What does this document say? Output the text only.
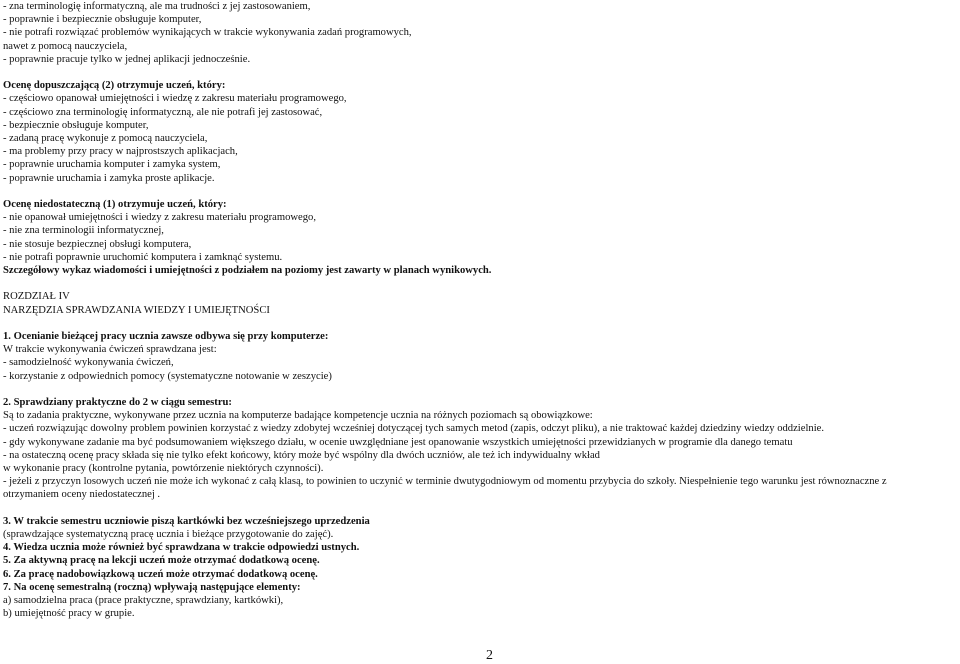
- zna terminologię informatyczną, ale ma trudności z jej zastosowaniem,
- poprawnie i bezpiecznie obsługuje komputer,
- nie potrafi rozwiązać problemów wynikających w trakcie wykonywania zadań programowych,
nawet z pomocą nauczyciela,
- poprawnie pracuje tylko w jednej aplikacji jednocześnie.
Ocenę dopuszczającą (2) otrzymuje uczeń, który:
- częściowo opanował umiejętności i wiedzę z zakresu materiału programowego,
- częściowo zna terminologię informatyczną, ale nie potrafi jej zastosować,
- bezpiecznie obsługuje komputer,
- zadaną pracę wykonuje z pomocą nauczyciela,
- ma problemy przy pracy w najprostszych aplikacjach,
- poprawnie uruchamia komputer i zamyka system,
- poprawnie uruchamia i zamyka proste aplikacje.
Ocenę niedostateczną (1) otrzymuje uczeń, który:
- nie opanował umiejętności i wiedzy z zakresu materiału programowego,
- nie zna terminologii informatycznej,
- nie stosuje bezpiecznej obsługi komputera,
- nie potrafi poprawnie uruchomić komputera i zamknąć systemu.
Szczegółowy wykaz wiadomości i umiejętności z podziałem na poziomy jest zawarty w planach wynikowych.
ROZDZIAŁ IV
NARZĘDZIA SPRAWDZANIA WIEDZY I UMIEJĘTNOŚCI
1. Ocenianie bieżącej pracy ucznia zawsze odbywa się przy komputerze:
W trakcie wykonywania ćwiczeń sprawdzana jest:
- samodzielność wykonywania ćwiczeń,
- korzystanie z odpowiednich pomocy (systematyczne notowanie w zeszycie)
2. Sprawdziany praktyczne do 2 w ciągu semestru:
Są to zadania praktyczne, wykonywane przez ucznia na komputerze badające kompetencje ucznia na różnych poziomach są obowiązkowe:
- uczeń rozwiązując dowolny problem powinien korzystać z wiedzy zdobytej wcześniej dotyczącej tych samych metod (zapis, odczyt pliku), a nie traktować każdej dziedziny wiedzy oddzielnie.
- gdy wykonywane zadanie ma być podsumowaniem większego działu, w ocenie uwzględniane jest opanowanie wszystkich umiejętności przewidzianych w programie dla danego tematu
- na ostateczną ocenę pracy składa się nie tylko efekt końcowy, który może być wspólny dla dwóch uczniów, ale też ich indywidualny wkład
w wykonanie pracy (kontrolne pytania, powtórzenie niektórych czynności).
- jeżeli z przyczyn losowych uczeń nie może ich wykonać z całą klasą, to powinien to uczynić w terminie dwutygodniowym od momentu przybycia do szkoły. Niespełnienie tego warunku jest równoznaczne z
otrzymaniem oceny niedostatecznej .
3. W trakcie semestru uczniowie piszą kartkówki bez wcześniejszego uprzedzenia
(sprawdzające systematyczną pracę ucznia i bieżące przygotowanie do zajęć).
4. Wiedza ucznia może również być sprawdzana w trakcie odpowiedzi ustnych.
5. Za aktywną pracę na lekcji uczeń może otrzymać dodatkową ocenę.
6. Za pracę nadobowiązkową uczeń może otrzymać dodatkową ocenę.
7. Na ocenę semestralną (roczną) wpływają następujące elementy:
a) samodzielna praca (prace praktyczne, sprawdziany, kartkówki),
b) umiejętność pracy w grupie.
2
